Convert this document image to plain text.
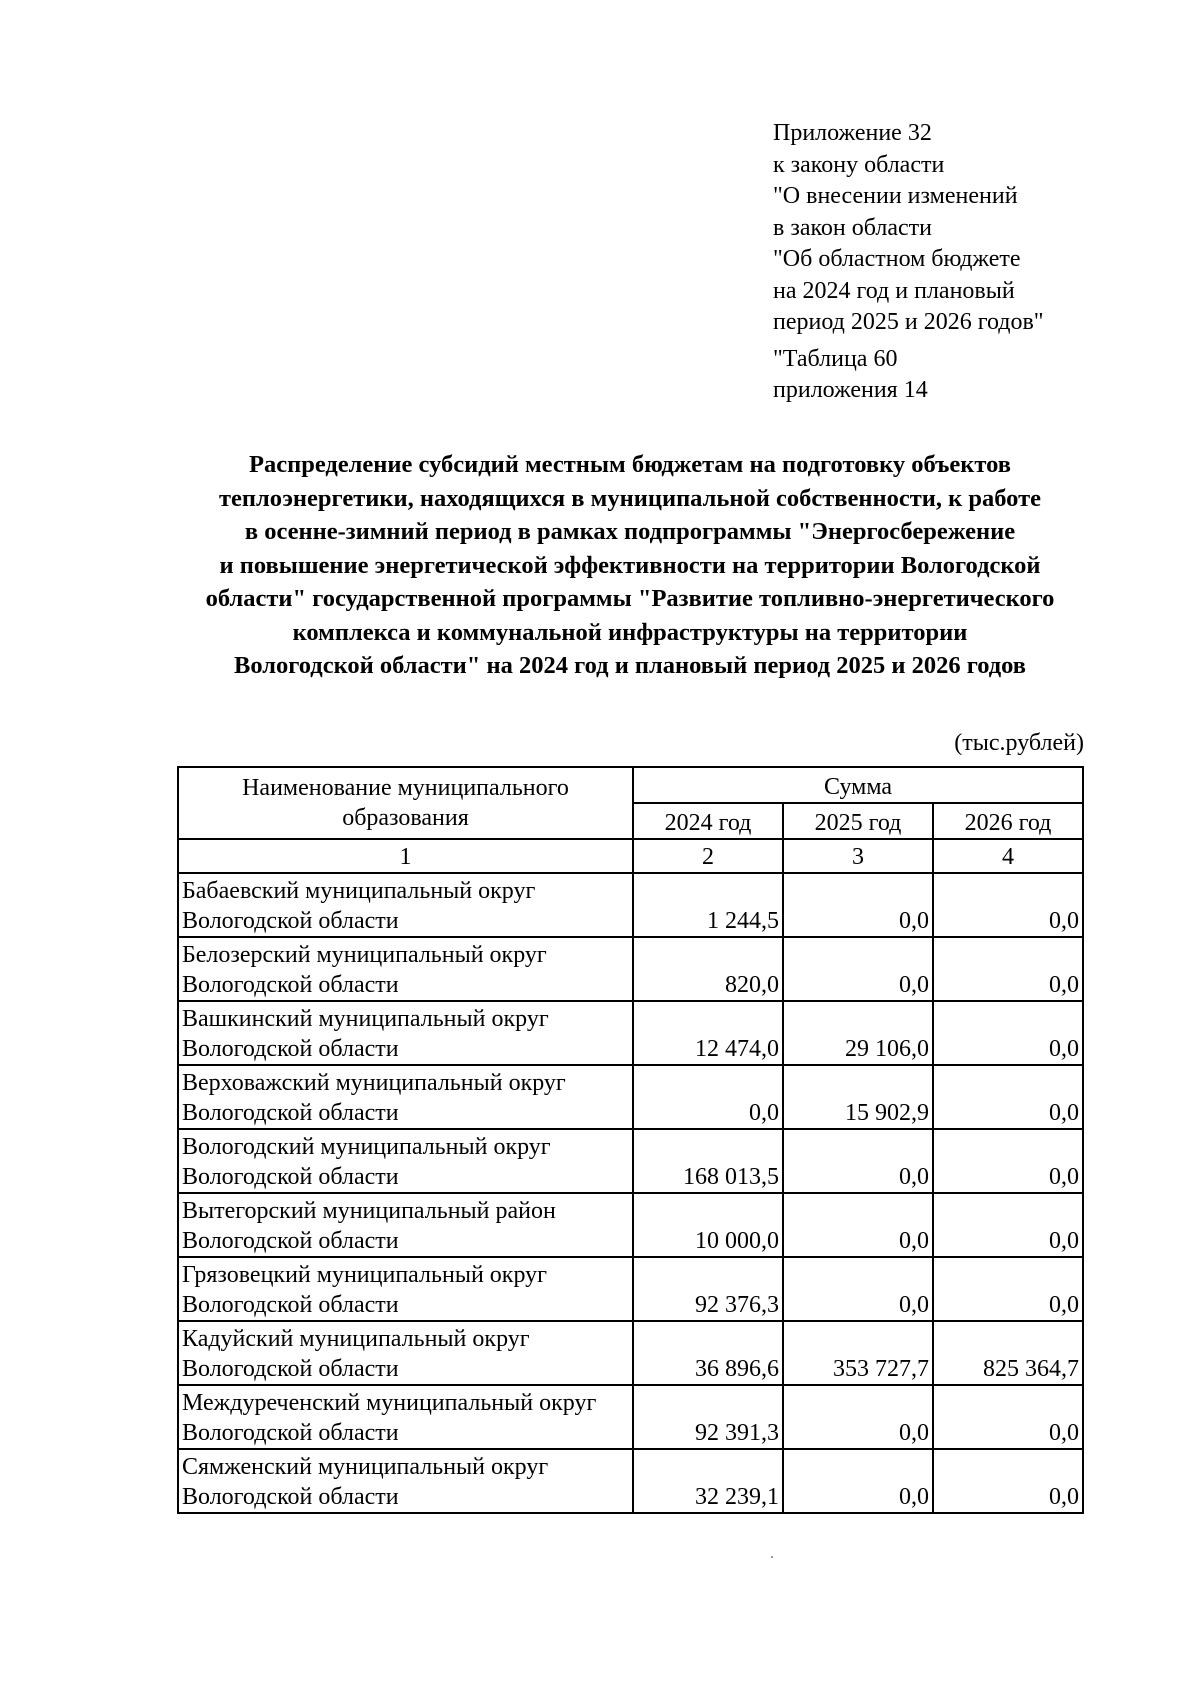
Приложение 32
к закону области
"О внесении изменений
в закон области
"Об областном бюджете
на 2024 год и плановый
период 2025 и 2026 годов"
"Таблица 60
приложения 14
Распределение субсидий местным бюджетам на подготовку объектов
теплоэнергетики, находящихся в муниципальной собственности, к работе
в осенне-зимний период в рамках подпрограммы "Энергосбережение
и повышение энергетической эффективности на территории Вологодской
области" государственной программы "Развитие топливно-энергетического
комплекса и коммунальной инфраструктуры на территории
Вологодской области" на 2024 год и плановый период 2025 и 2026 годов
(тыс.рублей)
Наименование муниципального
образования	Сумма		
	2024 год	2025 год	2026 год
1	2	3	4

Бабаевский муниципальный округ
Вологодской области	1 244,5	0,0	0,0

Белозерский муниципальный округ
Вологодской области	820,0	0,0	0,0

Вашкинский муниципальный округ
Вологодской области	12 474,0	29 106,0	0,0

Верховажский муниципальный округ
Вологодской области	0,0	15 902,9	0,0

Вологодский муниципальный округ
Вологодской области	168 013,5	0,0	0,0

Вытегорский муниципальный район
Вологодской области	10 000,0	0,0	0,0

Грязовецкий муниципальный округ
Вологодской области	92 376,3	0,0	0,0

Кадуйский муниципальный округ
Вологодской области	36 896,6	353 727,7	825 364,7

Междуреченский муниципальный округ
Вологодской области	92 391,3	0,0	0,0

Сямженский муниципальный округ
Вологодской области	32 239,1	0,0	0,0
